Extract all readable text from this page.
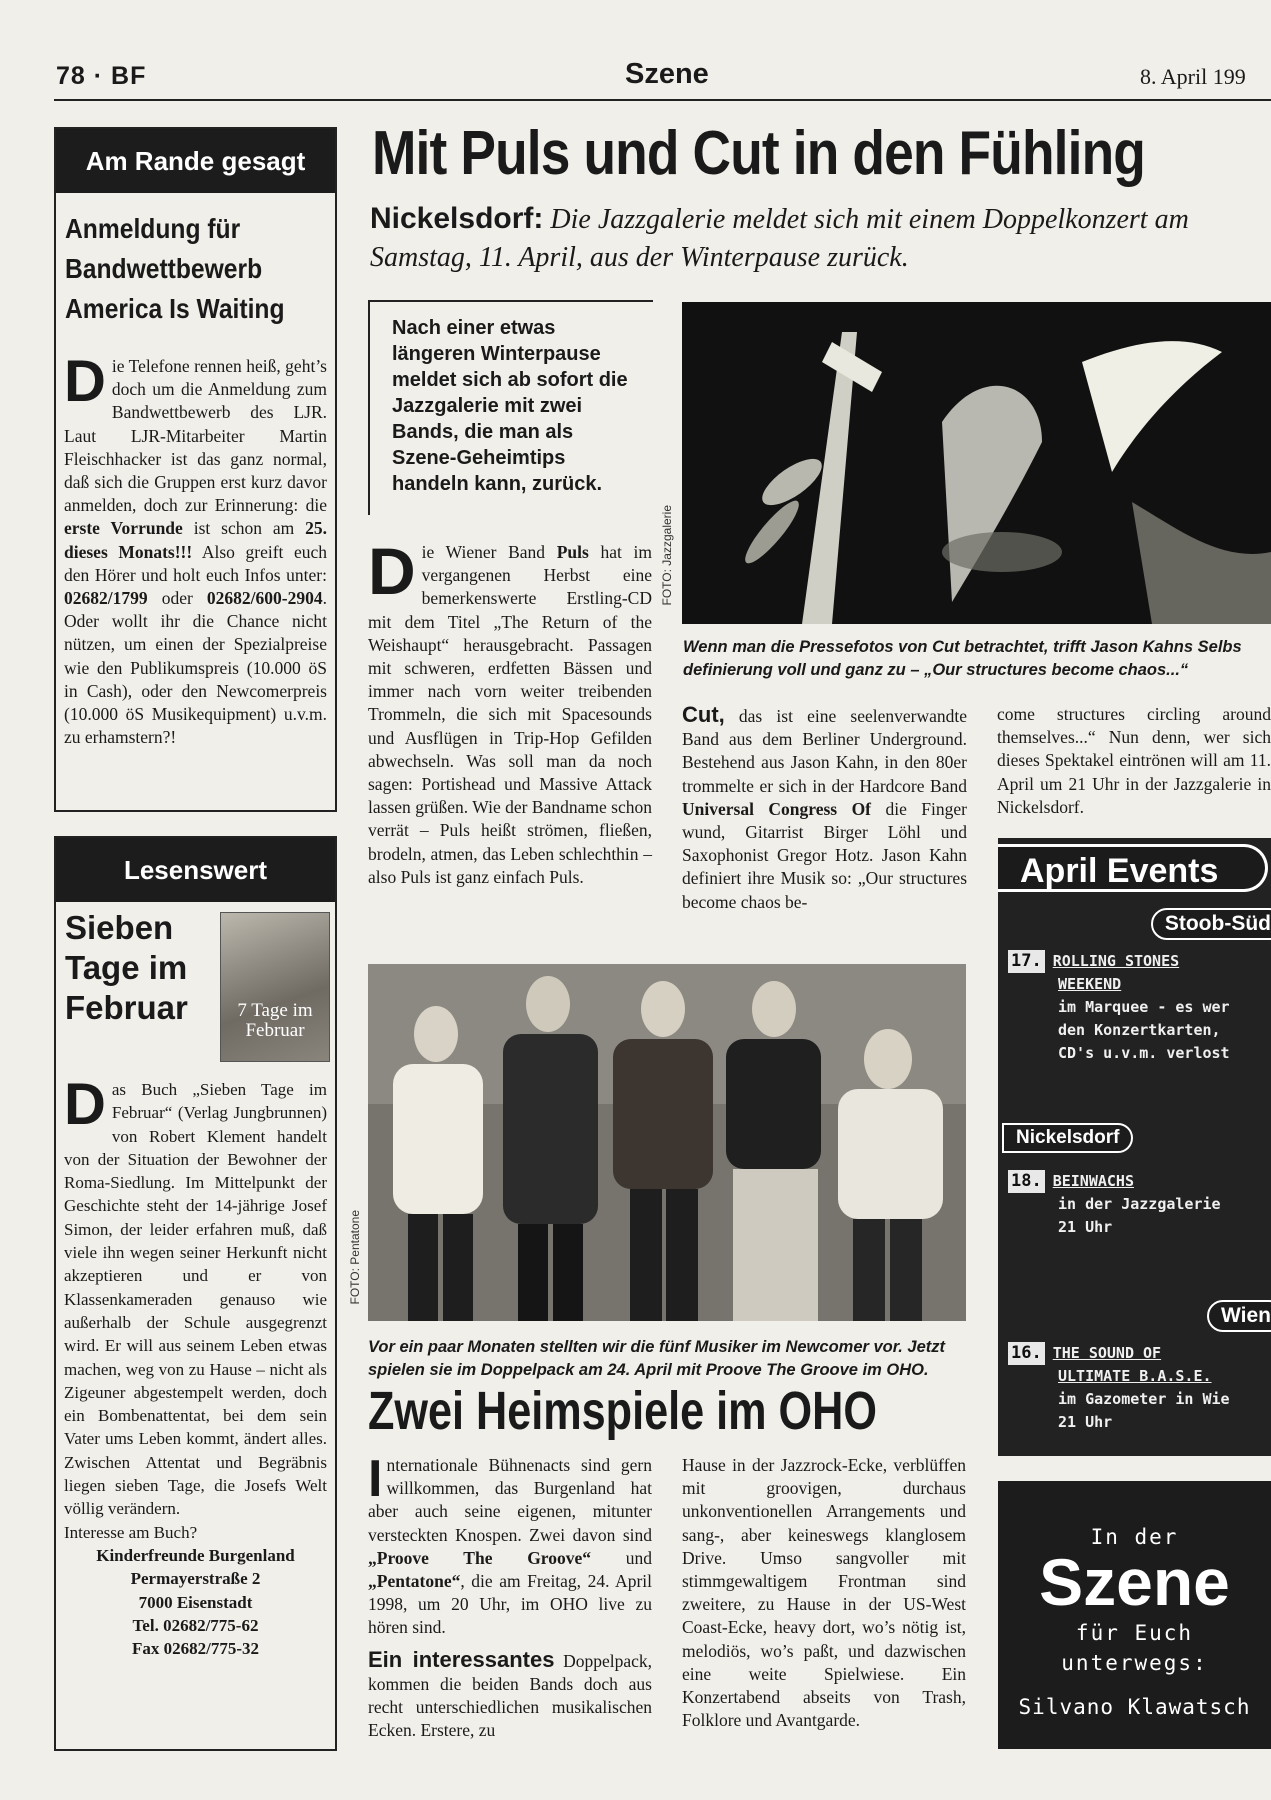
78 · BF	Szene	8. April 199
Am Rande gesagt
Anmeldung für Bandwettbewerb America Is Waiting
D ie Telefone rennen heiß, geht’s doch um die Anmeldung zum Bandwettbewerb des LJR. Laut LJR-Mitarbeiter Martin Fleischhacker ist das ganz normal, daß sich die Gruppen erst kurz davor anmelden, doch zur Erinnerung: die erste Vorrunde ist schon am 25. dieses Monats!!! Also greift euch den Hörer und holt euch Infos unter: 02682/1799 oder 02682/600-2904. Oder wollt ihr die Chance nicht nützen, um einen der Spezialpreise wie den Publikumspreis (10.000 öS in Cash), oder den Newcomerpreis (10.000 öS Musikequipment) u.v.m. zu erhamstern?!
Lesenswert
Sieben Tage im Februar	7 Tage im Februar
D as Buch „Sieben Tage im Februar“ (Verlag Jungbrunnen) von Robert Klement handelt von der Situation der Bewohner der Roma-Siedlung. Im Mittelpunkt der Geschichte steht der 14-jährige Josef Simon, der leider erfahren muß, daß viele ihn wegen seiner Herkunft nicht akzeptieren und er von Klassenkameraden genauso wie außerhalb der Schule ausgegrenzt wird. Er will aus seinem Leben etwas machen, weg von zu Hause – nicht als Zigeuner abgestempelt werden, doch ein Bombenattentat, bei dem sein Vater ums Leben kommt, ändert alles. Zwischen Attentat und Begräbnis liegen sieben Tage, die Josefs Welt völlig verändern.
Interesse am Buch?
Kinderfreunde Burgenland
Permayerstraße 2
7000 Eisenstadt
Tel. 02682/775-62
Fax 02682/775-32
Mit Puls und Cut in den Fühling
Nickelsdorf: Die Jazzgalerie meldet sich mit einem Doppelkonzert am Samstag, 11. April, aus der Winterpause zurück.
Nach einer etwas längeren Winterpause meldet sich ab sofort die Jazzgalerie mit zwei Bands, die man als Szene-Geheimtips handeln kann, zurück.
FOTO: Jazzgalerie
Wenn man die Pressefotos von Cut betrachtet, trifft Jason Kahns Selbs definierung voll und ganz zu – „Our structures become chaos...“
D ie Wiener Band Puls hat im vergangenen Herbst eine bemerkenswerte Erstling-CD mit dem Titel „The Return of the Weishaupt“ herausgebracht. Passagen mit schweren, erdfetten Bässen und immer nach vorn weiter treibenden Trommeln, die sich mit Spacesounds und Ausflügen in Trip-Hop Gefilden abwechseln. Was soll man da noch sagen: Portishead und Massive Attack lassen grüßen. Wie der Bandname schon verrät – Puls heißt strömen, fließen, brodeln, atmen, das Leben schlechthin – also Puls ist ganz einfach Puls.
Cut, das ist eine seelenverwandte Band aus dem Berliner Underground. Bestehend aus Jason Kahn, in den 80er trommelte er sich in der Hardcore Band Universal Congress Of die Finger wund, Gitarrist Birger Löhl und Saxophonist Gregor Hotz. Jason Kahn definiert ihre Musik so: „Our structures become chaos be-
come structures circling around themselves...“ Nun denn, wer sich dieses Spektakel eintrönen will am 11. April um 21 Uhr in der Jazzgalerie in Nickelsdorf.
FOTO: Pentatone
Vor ein paar Monaten stellten wir die fünf Musiker im Newcomer vor. Jetzt spielen sie im Doppelpack am 24. April mit Proove The Groove im OHO.
Zwei Heimspiele im OHO
I nternationale Bühnenacts sind gern willkommen, das Burgenland hat aber auch seine eigenen, mitunter versteckten Knospen. Zwei davon sind „Proove The Groove“ und „Pentatone“, die am Freitag, 24. April 1998, um 20 Uhr, im OHO live zu hören sind.
Ein interessantes Doppelpack, kommen die beiden Bands doch aus recht unterschiedlichen musikalischen Ecken. Erstere, zu
Hause in der Jazzrock-Ecke, verblüffen mit groovigen, durchaus unkonventionellen Arrangements und sang-, aber keineswegs klanglosem Drive. Umso sangvoller mit stimmgewaltigem Frontman sind zweitere, zu Hause in der US-West Coast-Ecke, heavy dort, wo’s nötig ist, melodiös, wo’s paßt, und dazwischen eine weite Spielwiese. Ein Konzertabend abseits von Trash, Folklore und Avantgarde.
April Events
Stoob-Süd
17. ROLLING STONES
WEEKEND
im Marquee - es wer
den Konzertkarten,
CD's u.v.m. verlost
Nickelsdorf
18. BEINWACHS
in der Jazzgalerie
21 Uhr
Wien
16. THE SOUND OF
ULTIMATE B.A.S.E.
im Gazometer in Wie
21 Uhr
In der
Szene
für Euch
unterwegs:
Silvano Klawatsch
